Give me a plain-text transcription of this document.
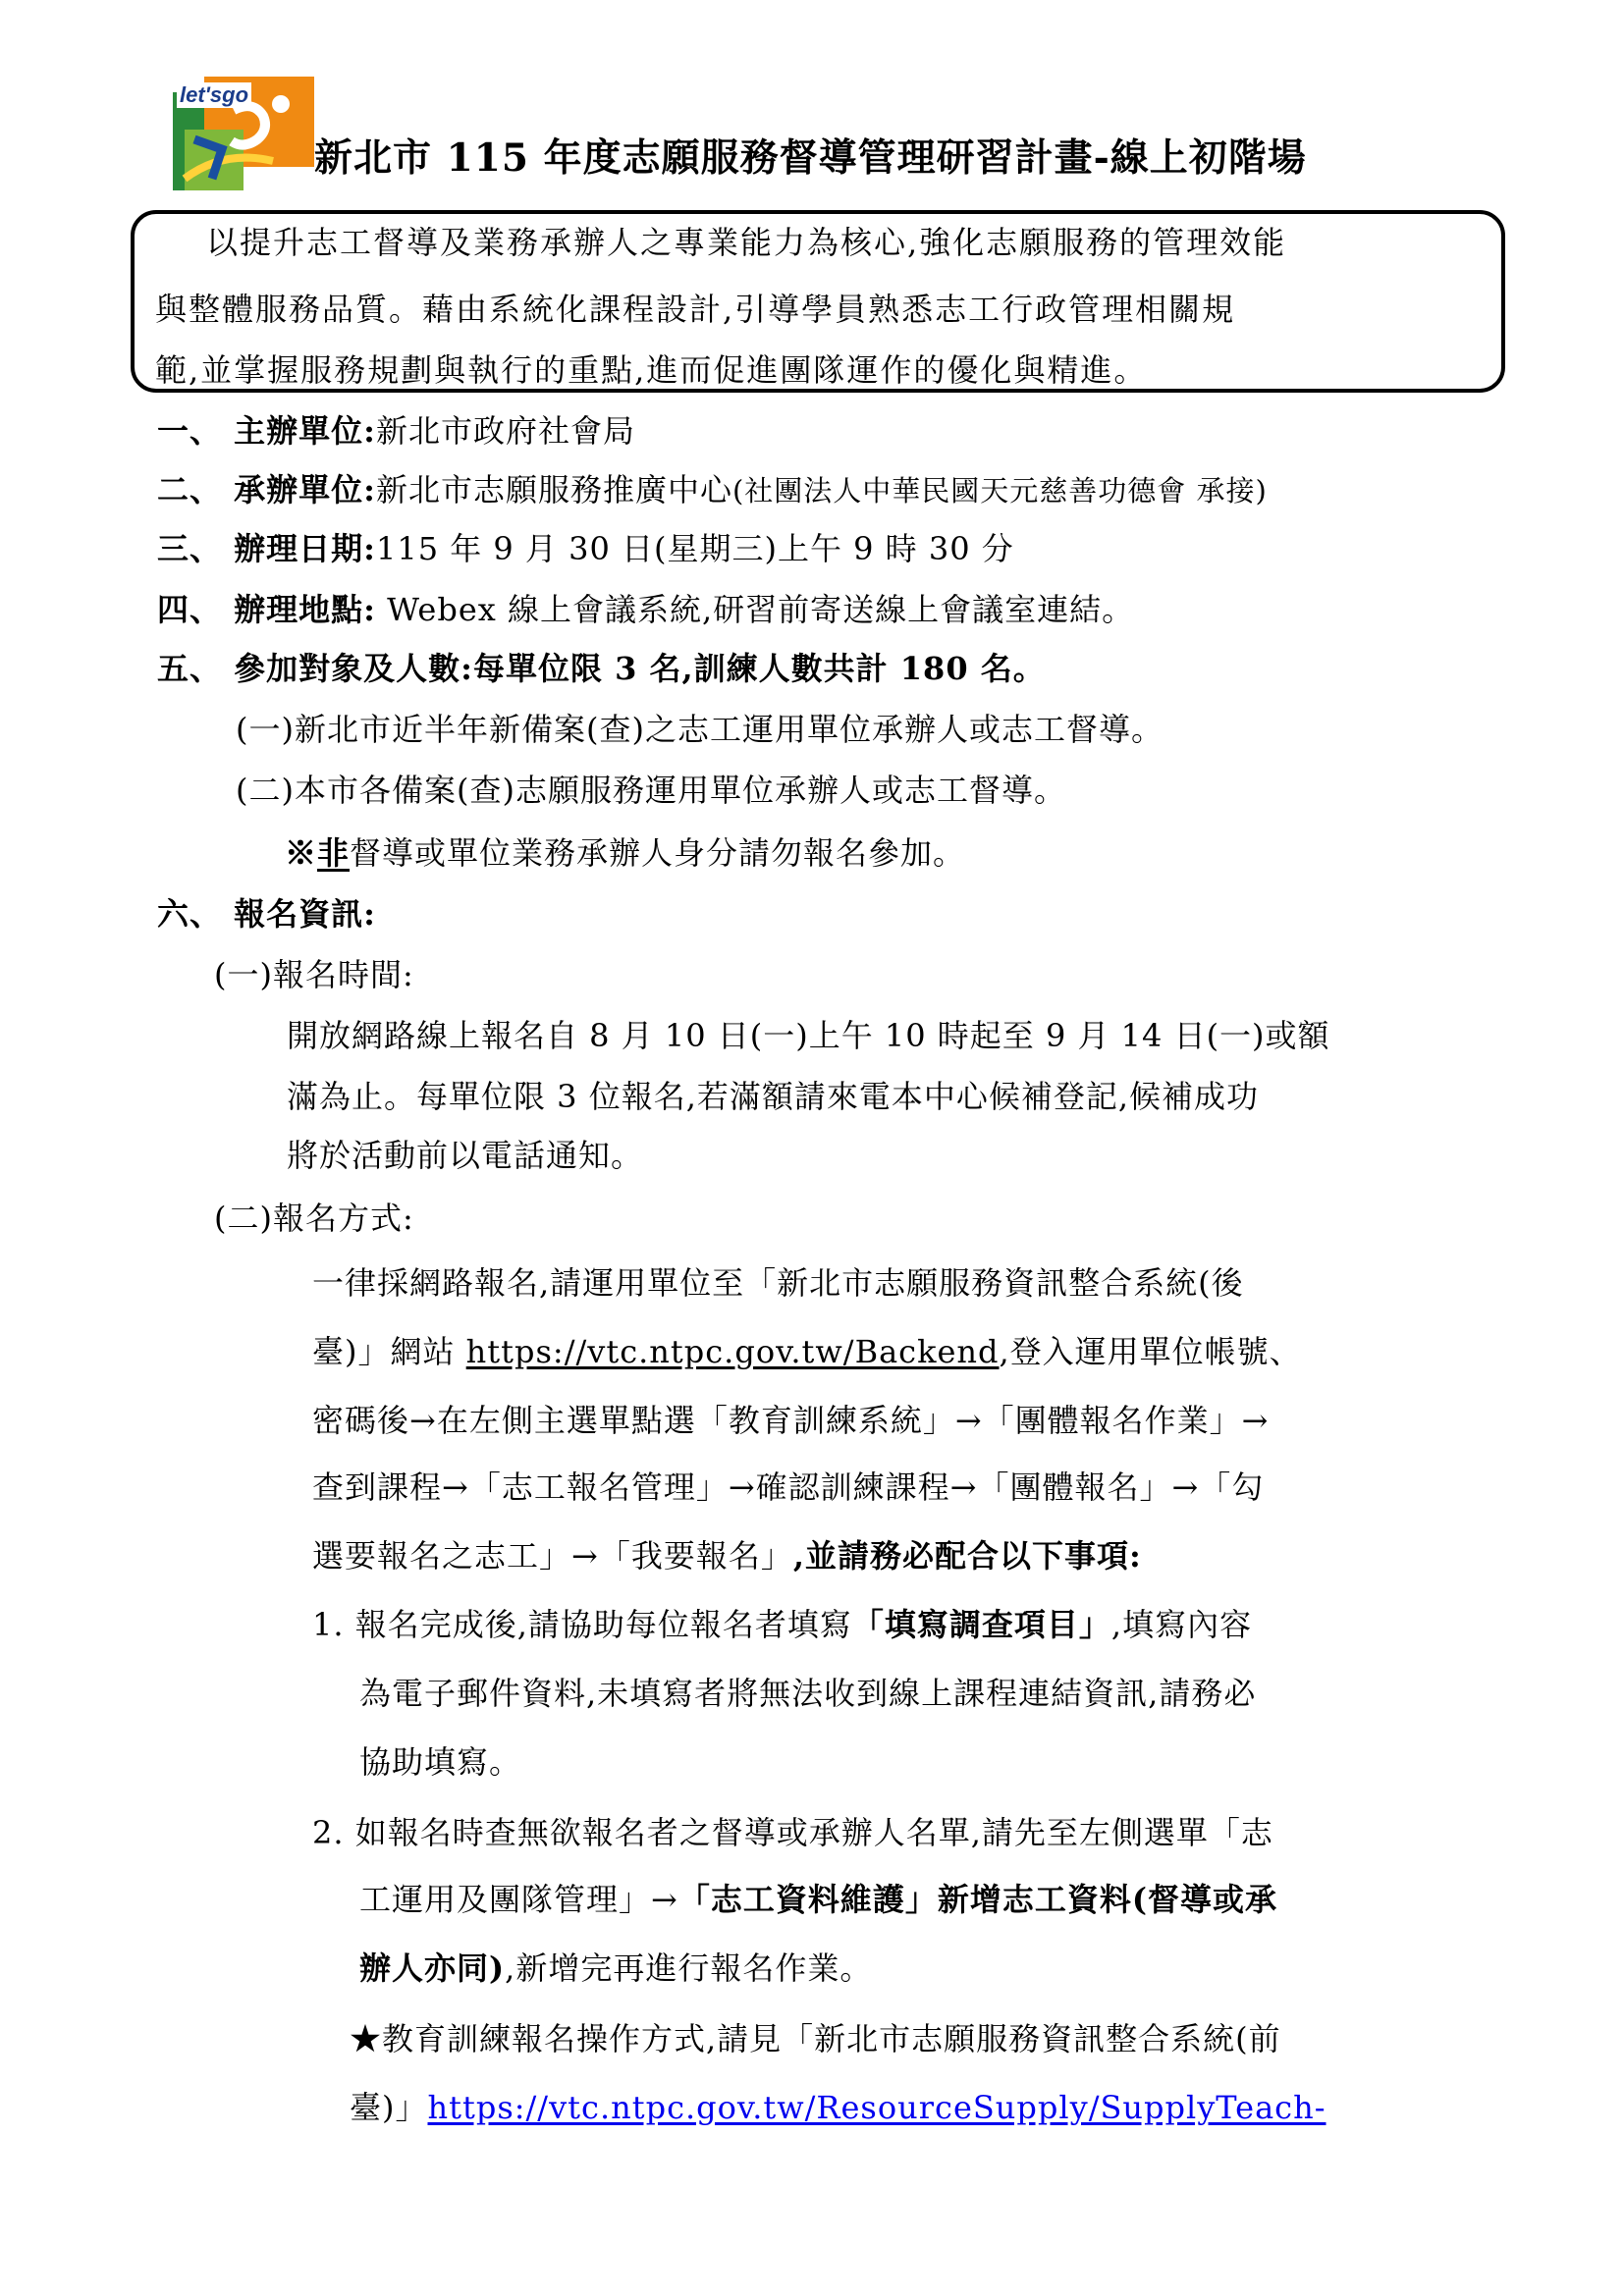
let'sgo
新北市 115 年度志願服務督導管理研習計畫-線上初階場
以提升志工督導及業務承辦人之專業能力為核心,強化志願服務的管理效能
與整體服務品質。藉由系統化課程設計,引導學員熟悉志工行政管理相關規
範,並掌握服務規劃與執行的重點,進而促進團隊運作的優化與精進。
一、 主辦單位:新北市政府社會局
二、 承辦單位:新北市志願服務推廣中心(社團法人中華民國天元慈善功德會 承接)
三、 辦理日期:115 年 9 月 30 日(星期三)上午 9 時 30 分
四、 辦理地點: Webex 線上會議系統,研習前寄送線上會議室連結。
五、 參加對象及人數:每單位限 3 名,訓練人數共計 180 名。
(一)新北市近半年新備案(查)之志工運用單位承辦人或志工督導。
(二)本市各備案(查)志願服務運用單位承辦人或志工督導。
※非督導或單位業務承辦人身分請勿報名參加。
六、 報名資訊:
(一)報名時間:
開放網路線上報名自 8 月 10 日(一)上午 10 時起至 9 月 14 日(一)或額
滿為止。每單位限 3 位報名,若滿額請來電本中心候補登記,候補成功
將於活動前以電話通知。
(二)報名方式:
一律採網路報名,請運用單位至「新北市志願服務資訊整合系統(後
臺)」網站 https://vtc.ntpc.gov.tw/Backend,登入運用單位帳號、
密碼後→在左側主選單點選「教育訓練系統」→「團體報名作業」→
查到課程→「志工報名管理」→確認訓練課程→「團體報名」→「勾
選要報名之志工」→「我要報名」,並請務必配合以下事項:
1. 報名完成後,請協助每位報名者填寫「填寫調查項目」,填寫內容
為電子郵件資料,未填寫者將無法收到線上課程連結資訊,請務必
協助填寫。
2. 如報名時查無欲報名者之督導或承辦人名單,請先至左側選單「志
工運用及團隊管理」→「志工資料維護」新增志工資料(督導或承
辦人亦同),新增完再進行報名作業。
★教育訓練報名操作方式,請見「新北市志願服務資訊整合系統(前
臺)」https://vtc.ntpc.gov.tw/ResourceSupply/SupplyTeach-
